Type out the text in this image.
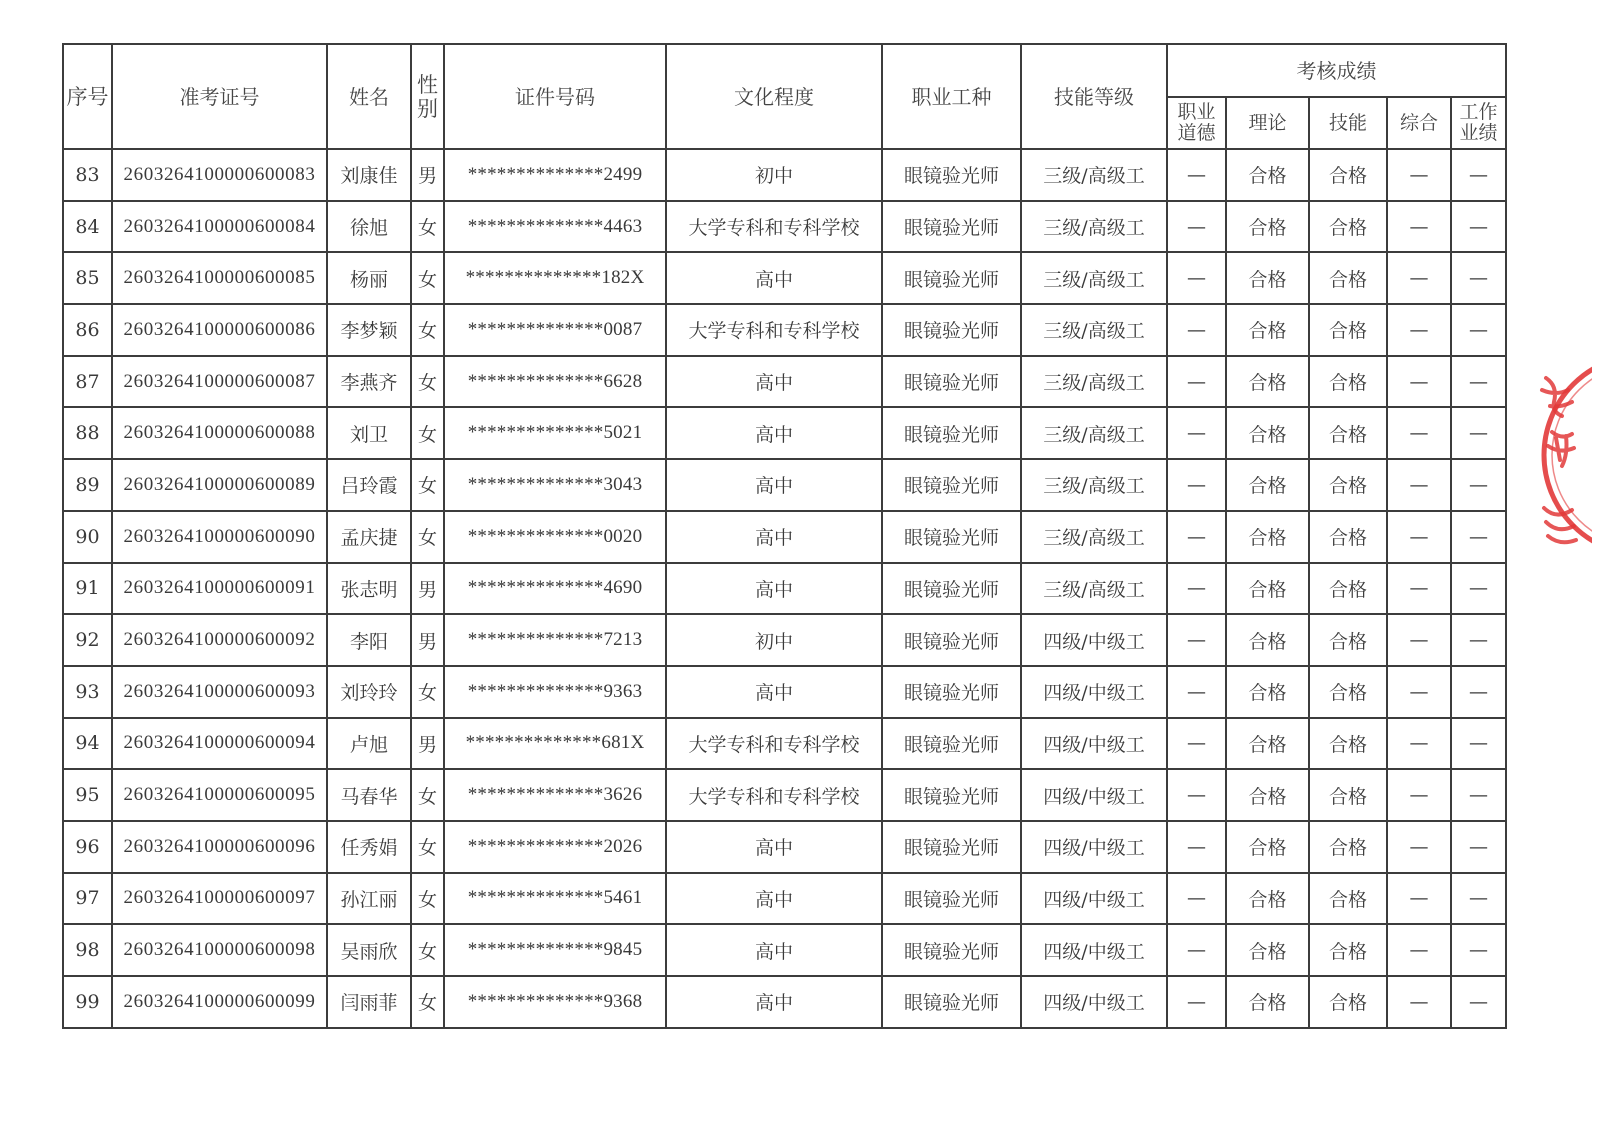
序号	准考证号	姓名	性别	证件号码	文化程度	职业工种	技能等级	考核成绩				
								职业道德	理论	技能	综合	工作业绩
83	2603264100000600083	刘康佳	男	**************2499	初中	眼镜验光师	三级/高级工	—	合格	合格	—	—
84	2603264100000600084	徐旭	女	**************4463	大学专科和专科学校	眼镜验光师	三级/高级工	—	合格	合格	—	—
85	2603264100000600085	杨丽	女	**************182X	高中	眼镜验光师	三级/高级工	—	合格	合格	—	—
86	2603264100000600086	李梦颖	女	**************0087	大学专科和专科学校	眼镜验光师	三级/高级工	—	合格	合格	—	—
87	2603264100000600087	李燕齐	女	**************6628	高中	眼镜验光师	三级/高级工	—	合格	合格	—	—
88	2603264100000600088	刘卫	女	**************5021	高中	眼镜验光师	三级/高级工	—	合格	合格	—	—
89	2603264100000600089	吕玲霞	女	**************3043	高中	眼镜验光师	三级/高级工	—	合格	合格	—	—
90	2603264100000600090	孟庆捷	女	**************0020	高中	眼镜验光师	三级/高级工	—	合格	合格	—	—
91	2603264100000600091	张志明	男	**************4690	高中	眼镜验光师	三级/高级工	—	合格	合格	—	—
92	2603264100000600092	李阳	男	**************7213	初中	眼镜验光师	四级/中级工	—	合格	合格	—	—
93	2603264100000600093	刘玲玲	女	**************9363	高中	眼镜验光师	四级/中级工	—	合格	合格	—	—
94	2603264100000600094	卢旭	男	**************681X	大学专科和专科学校	眼镜验光师	四级/中级工	—	合格	合格	—	—
95	2603264100000600095	马春华	女	**************3626	大学专科和专科学校	眼镜验光师	四级/中级工	—	合格	合格	—	—
96	2603264100000600096	任秀娟	女	**************2026	高中	眼镜验光师	四级/中级工	—	合格	合格	—	—
97	2603264100000600097	孙江丽	女	**************5461	高中	眼镜验光师	四级/中级工	—	合格	合格	—	—
98	2603264100000600098	吴雨欣	女	**************9845	高中	眼镜验光师	四级/中级工	—	合格	合格	—	—
99	2603264100000600099	闫雨菲	女	**************9368	高中	眼镜验光师	四级/中级工	—	合格	合格	—	—
